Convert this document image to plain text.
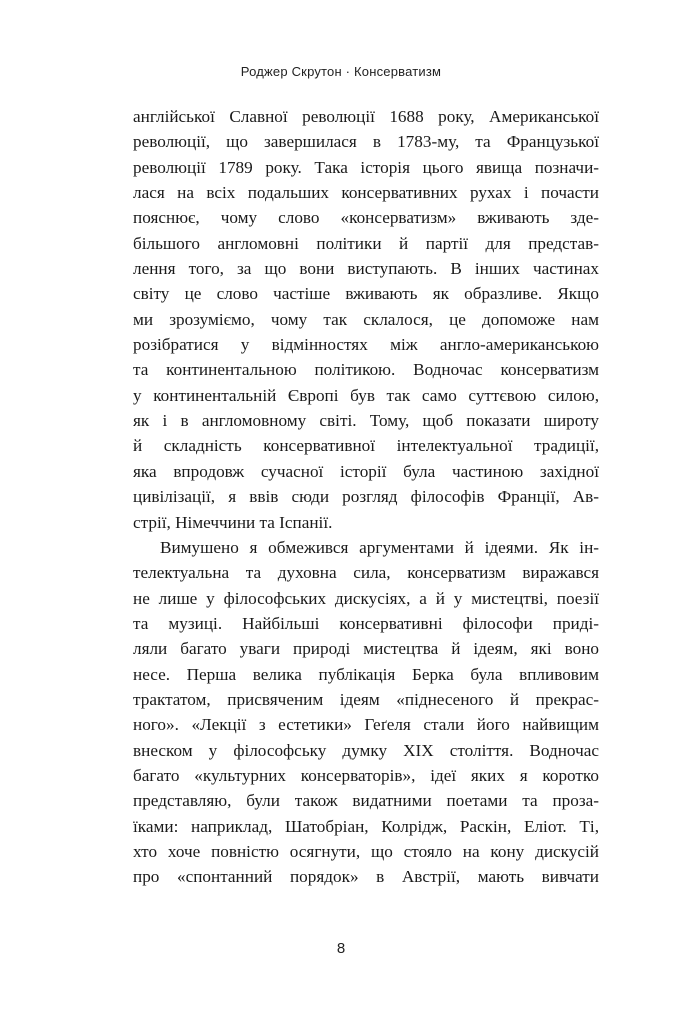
Роджер Скрутон · Консерватизм
англійської Славної революції 1688 року, Американської
революції, що завершилася в 1783-му, та Французької
революції 1789 року. Така історія цього явища позначи-
лася на всіх подальших консервативних рухах і почасти
пояснює, чому слово «консерватизм» вживають зде-
більшого англомовні політики й партії для представ-
лення того, за що вони виступають. В інших частинах
світу це слово частіше вживають як образливе. Якщо
ми зрозуміємо, чому так склалося, це допоможе нам
розібратися у відмінностях між англо-американською
та континентальною політикою. Водночас консерватизм
у континентальній Європі був так само суттєвою силою,
як і в англомовному світі. Тому, щоб показати широту
й складність консервативної інтелектуальної традиції,
яка впродовж сучасної історії була частиною західної
цивілізації, я ввів сюди розгляд філософів Франції, Ав-
стрії, Німеччини та Іспанії.
Вимушено я обмежився аргументами й ідеями. Як ін-
телектуальна та духовна сила, консерватизм виражався
не лише у філософських дискусіях, а й у мистецтві, поезії
та музиці. Найбільші консервативні філософи приді-
ляли багато уваги природі мистецтва й ідеям, які воно
несе. Перша велика публікація Берка була впливовим
трактатом, присвяченим ідеям «піднесеного й прекрас-
ного». «Лекції з естетики» Геґеля стали його найвищим
внеском у філософську думку XIX століття. Водночас
багато «культурних консерваторів», ідеї яких я коротко
представляю, були також видатними поетами та проза-
їками: наприклад, Шатобріан, Колрідж, Раскін, Еліот. Ті,
хто хоче повністю осягнути, що стояло на кону дискусій
про «спонтанний порядок» в Австрії, мають вивчати
8
